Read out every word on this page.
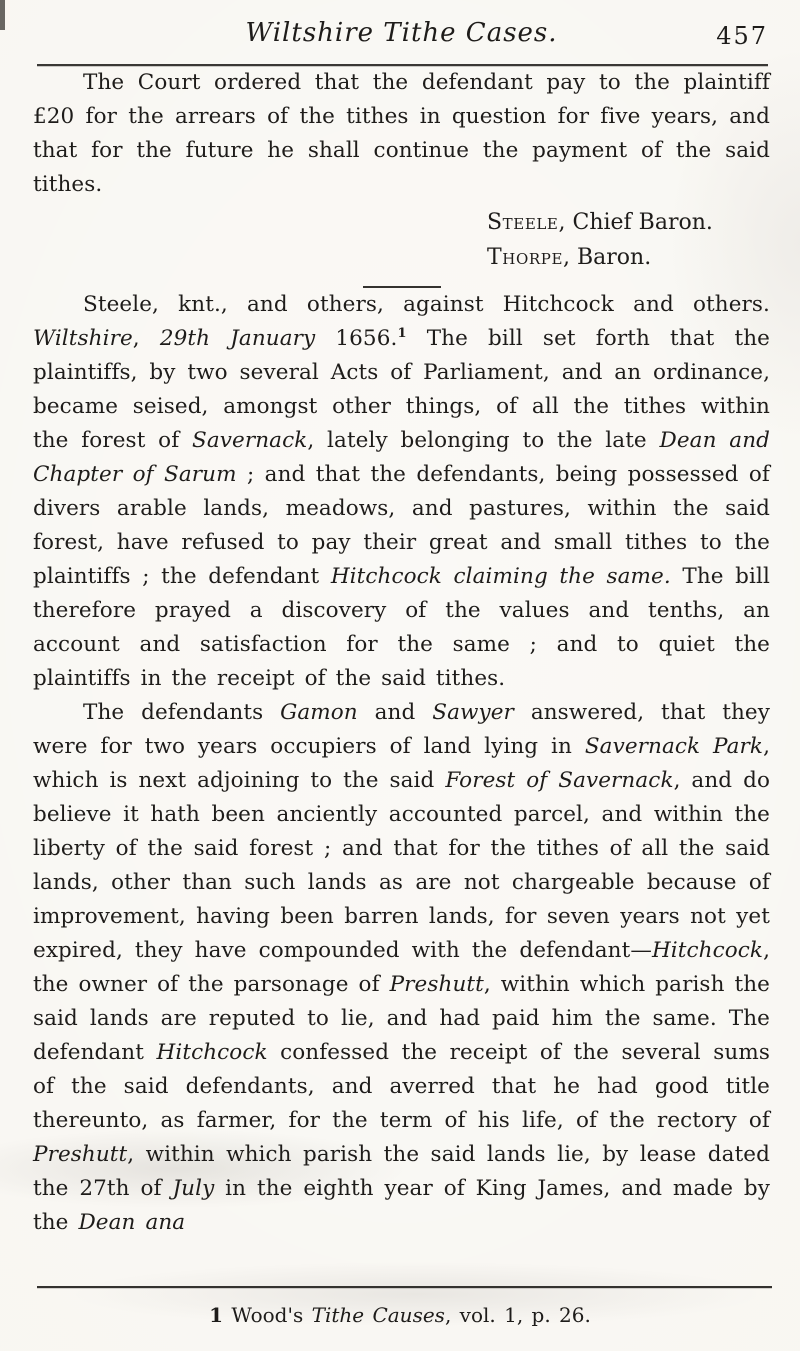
Wiltshire Tithe Cases.	457

The Court ordered that the defendant pay to the plaintiff £20 for the arrears of the tithes in question for five years, and that for the future he shall continue the payment of the said tithes.

Steele, Chief Baron.
Thorpe, Baron.

Steele, knt., and others, against Hitchcock and others. Wiltshire, 29th January 1656.$^1$ The bill set forth that the plaintiffs, by two several Acts of Parliament, and an ordinance, became seised, amongst other things, of all the tithes within the forest of Savernack, lately belonging to the late Dean and Chapter of Sarum ; and that the defendants, being possessed of divers arable lands, meadows, and pastures, within the said forest, have refused to pay their great and small tithes to the plaintiffs ; the defendant Hitchcock claiming the same. The bill therefore prayed a discovery of the values and tenths, an account and satisfaction for the same ; and to quiet the plaintiffs in the receipt of the said tithes.

The defendants Gamon and Sawyer answered, that they were for two years occupiers of land lying in Savernack Park, which is next adjoining to the said Forest of Savernack, and do believe it hath been anciently accounted parcel, and within the liberty of the said forest ; and that for the tithes of all the said lands, other than such lands as are not chargeable because of improvement, having been barren lands, for seven years not yet expired, they have compounded with the defendant—Hitchcock, the owner of the parsonage of Preshutt, within which parish the said lands are reputed to lie, and had paid him the same. The defendant Hitchcock confessed the receipt of the several sums of the said defendants, and averred that he had good title thereunto, as farmer, for the term of his life, of the rectory of Preshutt, within which parish the said lands lie, by lease dated the 27th of July in the eighth year of King James, and made by the Dean ana

1 Wood's Tithe Causes, vol. 1, p. 26.
